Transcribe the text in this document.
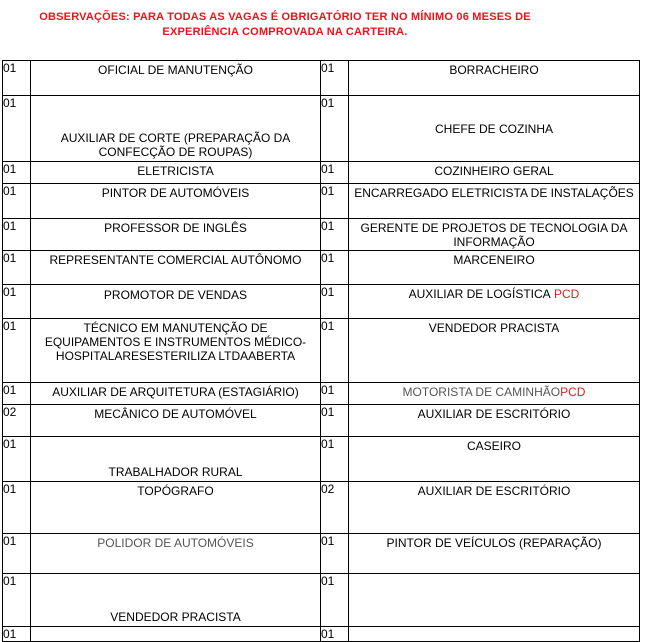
OBSERVAÇÕES: PARA TODAS AS VAGAS É OBRIGATÓRIO TER NO MÍNIMO 06 MESES DE
EXPERIÊNCIA COMPROVADA NA CARTEIRA.
01	OFICIAL DE MANUTENÇÃO	01	BORRACHEIRO
01	AUXILIAR DE CORTE (PREPARAÇÃO DA
CONFECÇÃO DE ROUPAS)	01	CHEFE DE COZINHA
01	ELETRICISTA	01	COZINHEIRO GERAL
01	PINTOR DE AUTOMÓVEIS	01	ENCARREGADO ELETRICISTA DE INSTALAÇÕES
01	PROFESSOR DE INGLÊS	01	GERENTE DE PROJETOS DE TECNOLOGIA DA
INFORMAÇÃO

01	REPRESENTANTE COMERCIAL AUTÔNOMO	01	MARCENEIRO
01	PROMOTOR DE VENDAS	01	AUXILIAR DE LOGÍSTICA PCD
01	TÉCNICO EM MANUTENÇÃO DE
EQUIPAMENTOS E INSTRUMENTOS MÉDICO-
HOSPITALARESESTERILIZA LTDAABERTA	01	VENDEDOR PRACISTA
01	AUXILIAR DE ARQUITETURA (ESTAGIÁRIO)	01	MOTORISTA DE CAMINHÃOPCD
02	MECÂNICO DE AUTOMÓVEL	01	AUXILIAR DE ESCRITÓRIO
01	TRABALHADOR RURAL	01	CASEIRO
01	TOPÓGRAFO	02	AUXILIAR DE ESCRITÓRIO
01	POLIDOR DE AUTOMÓVEIS	01	PINTOR DE VEÍCULOS (REPARAÇÃO)
01	VENDEDOR PRACISTA	01	
01		01	
